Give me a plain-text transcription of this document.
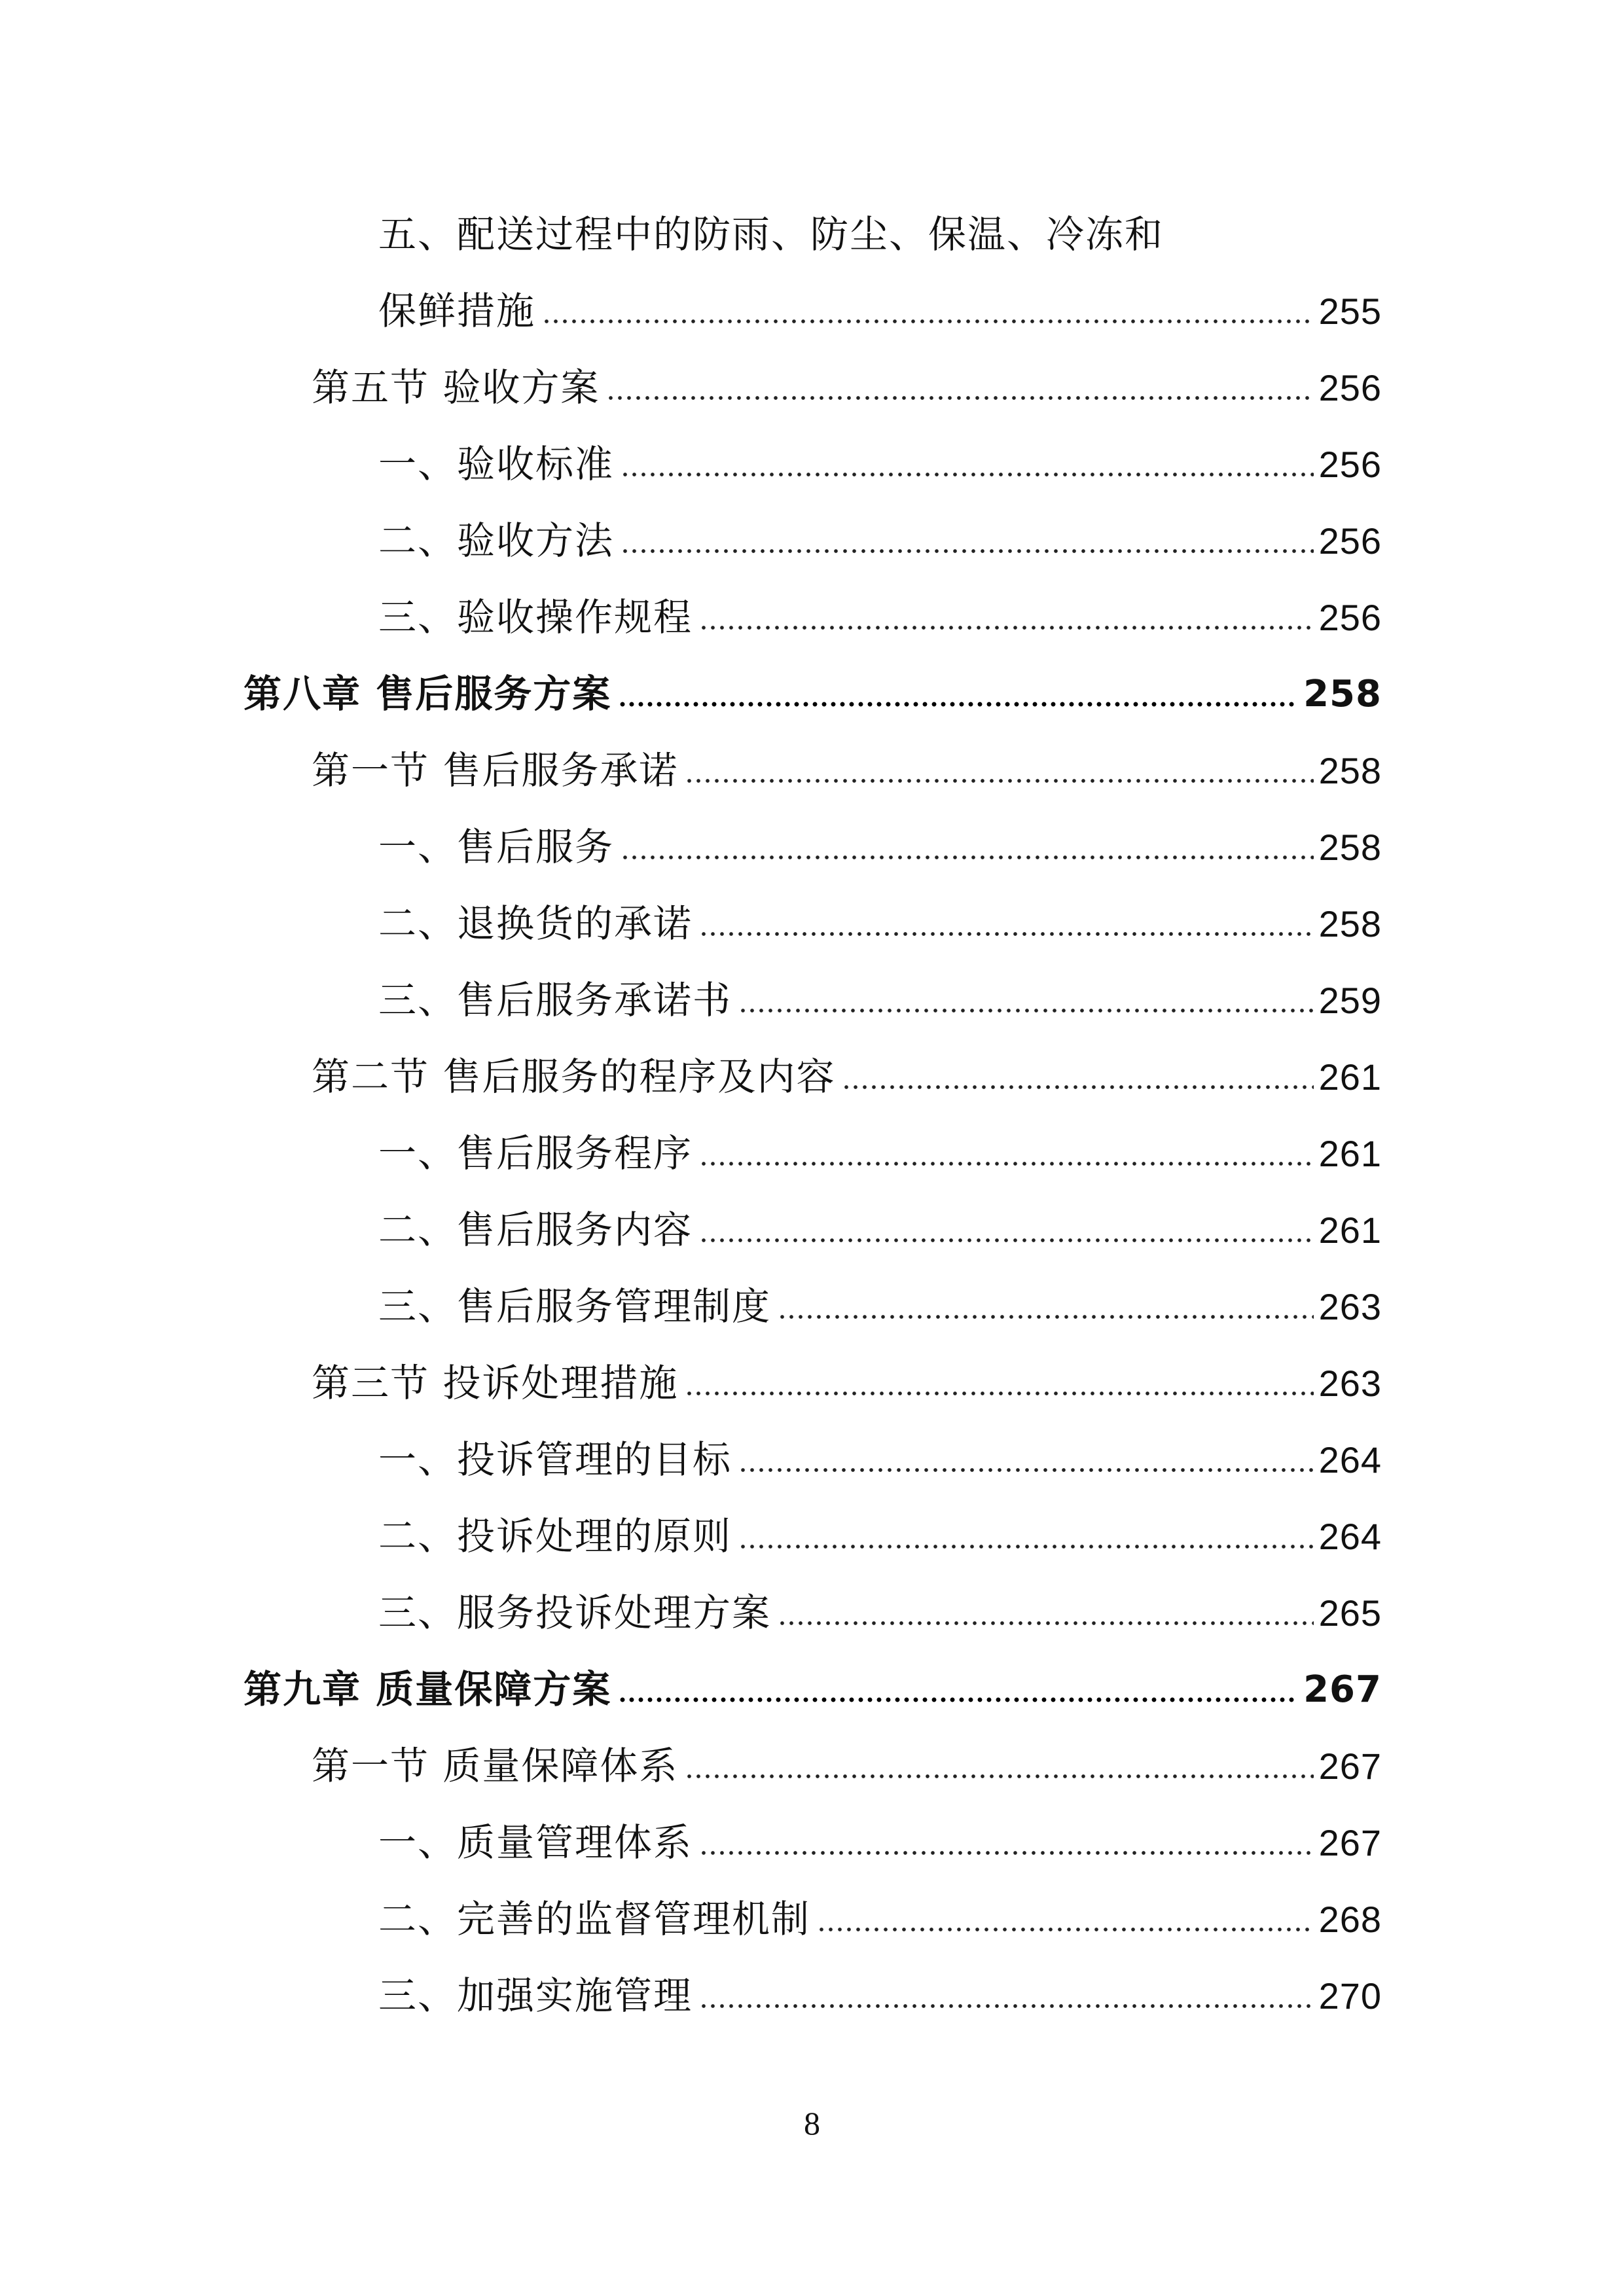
五、配送过程中的防雨、防尘、保温、冷冻和
保鲜措施	255
第五节 验收方案	256
一、验收标准	256
二、验收方法	256
三、验收操作规程	256
第八章 售后服务方案	258
第一节 售后服务承诺	258
一、售后服务	258
二、退换货的承诺	258
三、售后服务承诺书	259
第二节 售后服务的程序及内容	261
一、售后服务程序	261
二、售后服务内容	261
三、售后服务管理制度	263
第三节 投诉处理措施	263
一、投诉管理的目标	264
二、投诉处理的原则	264
三、服务投诉处理方案	265
第九章 质量保障方案	267
第一节 质量保障体系	267
一、质量管理体系	267
二、完善的监督管理机制	268
三、加强实施管理	270
8
